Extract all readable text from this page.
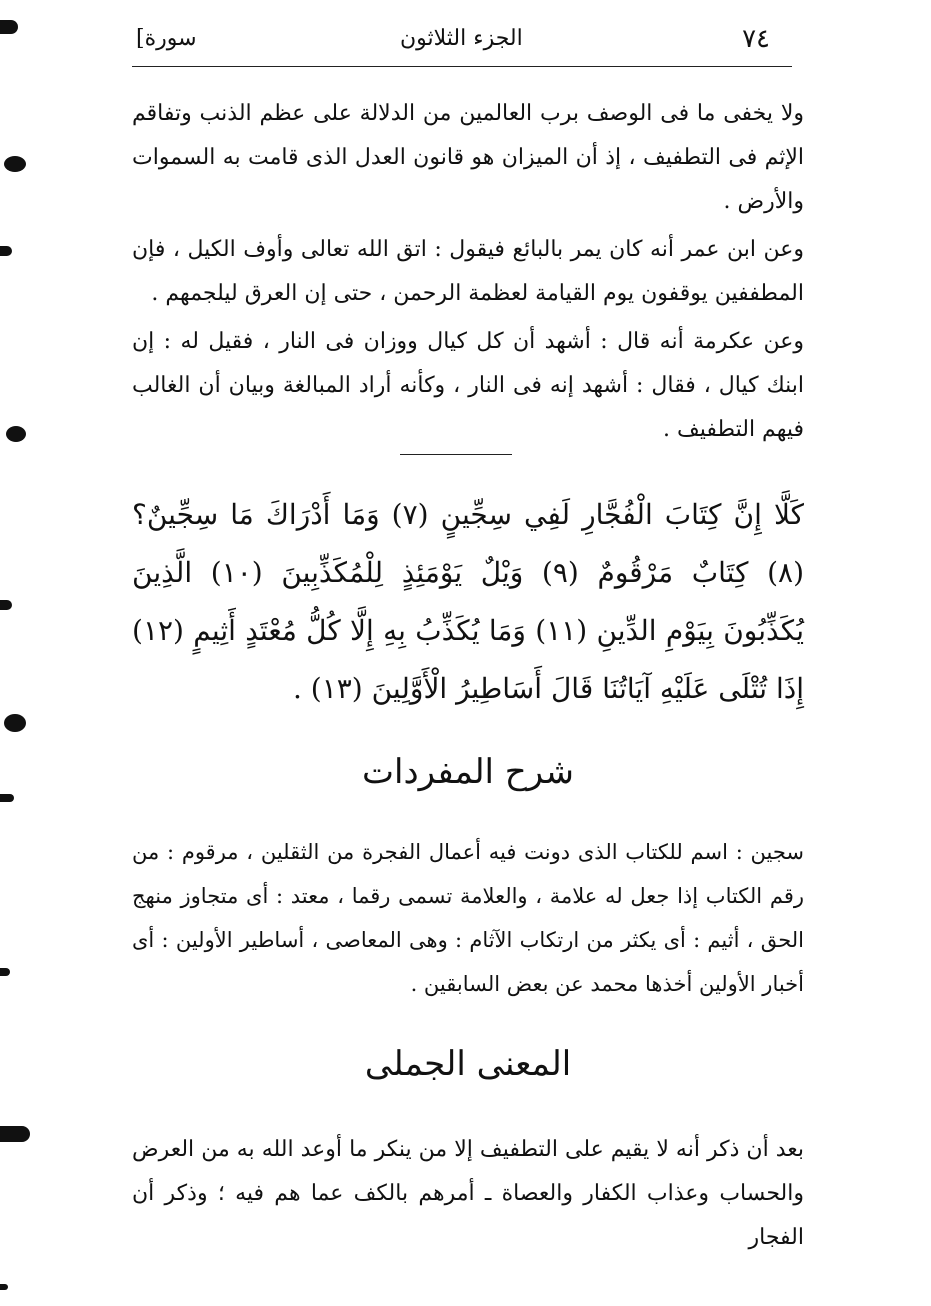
[سورة	الجزء الثلاثون	٧٤
ولا يخفى ما فى الوصف برب العالمين من الدلالة على عظم الذنب وتفاقم الإثم فى التطفيف ، إذ أن الميزان هو قانون العدل الذى قامت به السموات والأرض .
وعن ابن عمر أنه كان يمر بالبائع فيقول : اتق الله تعالى وأوف الكيل ، فإن المطففين يوقفون يوم القيامة لعظمة الرحمن ، حتى إن العرق ليلجمهم .
وعن عكرمة أنه قال : أشهد أن كل كيال ووزان فى النار ، فقيل له : إن ابنك كيال ، فقال : أشهد إنه فى النار ، وكأنه أراد المبالغة وبيان أن الغالب فيهم التطفيف .
كَلَّا إِنَّ كِتَابَ الْفُجَّارِ لَفِي سِجِّينٍ (٧) وَمَا أَدْرَاكَ مَا سِجِّينٌ؟ (٨) كِتَابٌ مَرْقُومٌ (٩) وَيْلٌ يَوْمَئِذٍ لِلْمُكَذِّبِينَ (١٠) الَّذِينَ يُكَذِّبُونَ بِيَوْمِ الدِّينِ (١١) وَمَا يُكَذِّبُ بِهِ إِلَّا كُلُّ مُعْتَدٍ أَثِيمٍ (١٢) إِذَا تُتْلَى عَلَيْهِ آيَاتُنَا قَالَ أَسَاطِيرُ الْأَوَّلِينَ (١٣) .
شرح المفردات
سجين : اسم للكتاب الذى دونت فيه أعمال الفجرة من الثقلين ، مرقوم : من رقم الكتاب إذا جعل له علامة ، والعلامة تسمى رقما ، معتد : أى متجاوز منهج الحق ، أثيم : أى يكثر من ارتكاب الآثام : وهى المعاصى ، أساطير الأولين : أى أخبار الأولين أخذها محمد عن بعض السابقين .
المعنى الجملى
بعد أن ذكر أنه لا يقيم على التطفيف إلا من ينكر ما أوعد الله به من العرض والحساب وعذاب الكفار والعصاة ـ أمرهم بالكف عما هم فيه ؛ وذكر أن الفجار
